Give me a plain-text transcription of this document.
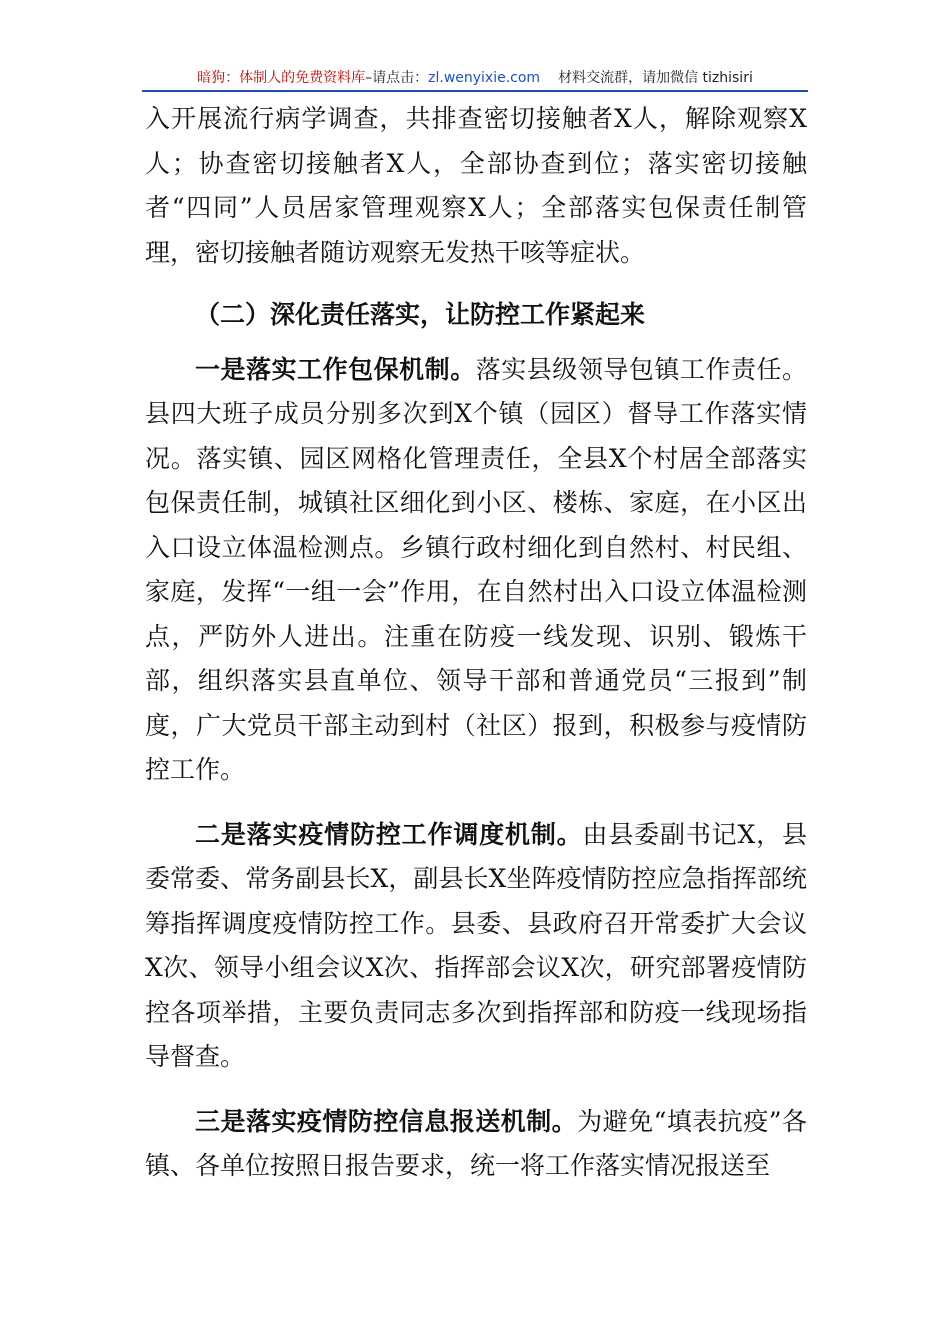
暗狗：体制人的免费资料库–请点击：zl.wenyixie.com 材料交流群，请加微信 tizhisiri

入开展流行病学调查，共排查密切接触者X人，解除观察X人；协查密切接触者X人，全部协查到位；落实密切接触者“四同”人员居家管理观察X人；全部落实包保责任制管理，密切接触者随访观察无发热干咳等症状。

（二）深化责任落实，让防控工作紧起来

一是落实工作包保机制。落实县级领导包镇工作责任。县四大班子成员分别多次到X个镇（园区）督导工作落实情况。落实镇、园区网格化管理责任，全县X个村居全部落实包保责任制，城镇社区细化到小区、楼栋、家庭，在小区出入口设立体温检测点。乡镇行政村细化到自然村、村民组、家庭，发挥“一组一会”作用，在自然村出入口设立体温检测点，严防外人进出。注重在防疫一线发现、识别、锻炼干部，组织落实县直单位、领导干部和普通党员“三报到”制度，广大党员干部主动到村（社区）报到，积极参与疫情防控工作。

二是落实疫情防控工作调度机制。由县委副书记X，县委常委、常务副县长X，副县长X坐阵疫情防控应急指挥部统筹指挥调度疫情防控工作。县委、县政府召开常委扩大会议X次、领导小组会议X次、指挥部会议X次，研究部署疫情防控各项举措，主要负责同志多次到指挥部和防疫一线现场指导督查。

三是落实疫情防控信息报送机制。为避免“填表抗疫”各镇、各单位按照日报告要求，统一将工作落实情况报送至
